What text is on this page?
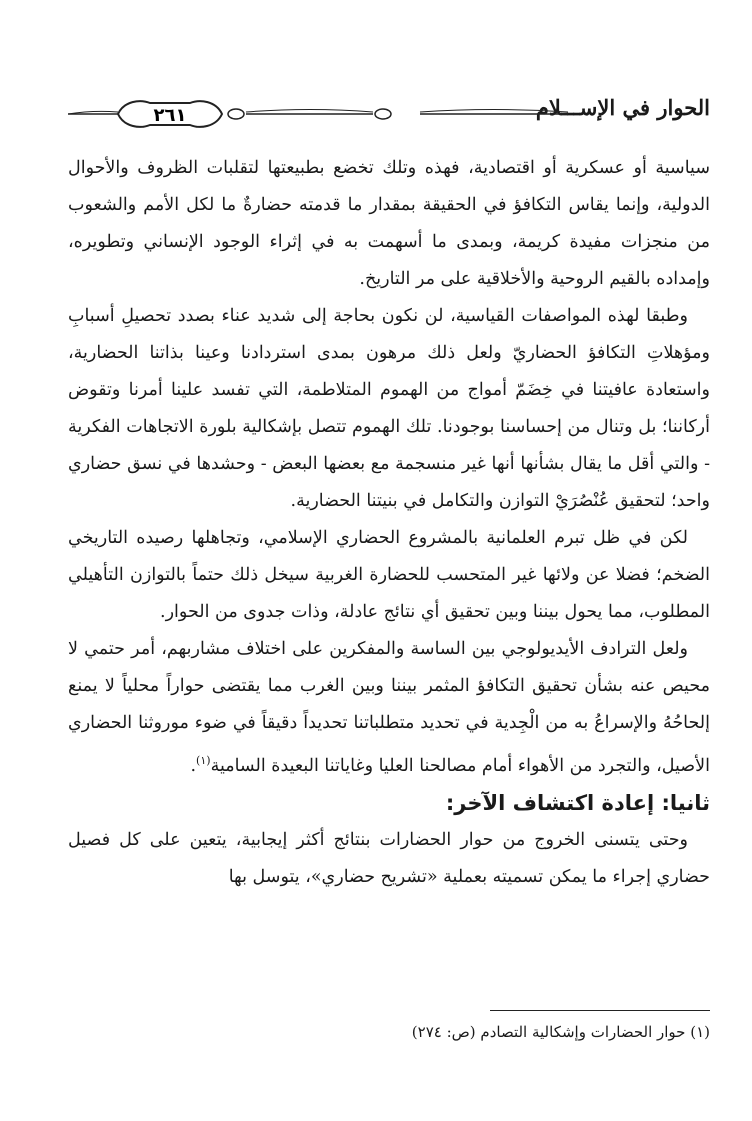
الحوار في الإســـلام
٢٦١

سياسية أو عسكرية أو اقتصادية، فهذه وتلك تخضع بطبيعتها لتقلبات الظروف والأحوال الدولية، وإنما يقاس التكافؤ في الحقيقة بمقدار ما قدمته حضارةٌ ما لكل الأمم والشعوب من منجزات مفيدة كريمة، وبمدى ما أسهمت به في إثراء الوجود الإنساني وتطويره، وإمداده بالقيم الروحية والأخلاقية على مر التاريخ.

وطبقا لهذه المواصفات القياسية، لن نكون بحاجة إلى شديد عناء بصدد تحصيلِ أسبابِ ومؤهلاتِ التكافؤ الحضاريّ ولعل ذلك مرهون بمدى استردادنا وعينا بذاتنا الحضارية، واستعادة عافيتنا في خِضَمّ أمواج من الهموم المتلاطمة، التي تفسد علينا أمرنا وتقوض أركاننا؛ بل وتنال من إحساسنا بوجودنا. تلك الهموم تتصل بإشكالية بلورة الاتجاهات الفكرية - والتي أقل ما يقال بشأنها أنها غير منسجمة مع بعضها البعض - وحشدها في نسق حضاري واحد؛ لتحقيق عُنْصُرَيْ التوازن والتكامل في بنيتنا الحضارية.

لكن في ظل تبرم العلمانية بالمشروع الحضاري الإسلامي، وتجاهلها رصيده التاريخي الضخم؛ فضلا عن ولائها غير المتحسب للحضارة الغربية سيخل ذلك حتماً بالتوازن التأهيلي المطلوب، مما يحول بيننا وبين تحقيق أي نتائج عادلة، وذات جدوى من الحوار.

ولعل الترادف الأيديولوجي بين الساسة والمفكرين على اختلاف مشاربهم، أمر حتمي لا محيص عنه بشأن تحقيق التكافؤ المثمر بيننا وبين الغرب مما يقتضى حواراً محلياً لا يمنع إلحاحُهُ والإسراعُ به من الْجِدية في تحديد متطلباتنا تحديداً دقيقاً في ضوء موروثنا الحضاري الأصيل، والتجرد من الأهواء أمام مصالحنا العليا وغاياتنا البعيدة السامية$^{(١)}$.

ثانيا: إعادة اكتشاف الآخر:

وحتى يتسنى الخروج من حوار الحضارات بنتائج أكثر إيجابية، يتعين على كل فصيل حضاري إجراء ما يمكن تسميته بعملية «تشريح حضاري»، يتوسل بها

(١) حوار الحضارات وإشكالية التصادم (ص: ٢٧٤)
